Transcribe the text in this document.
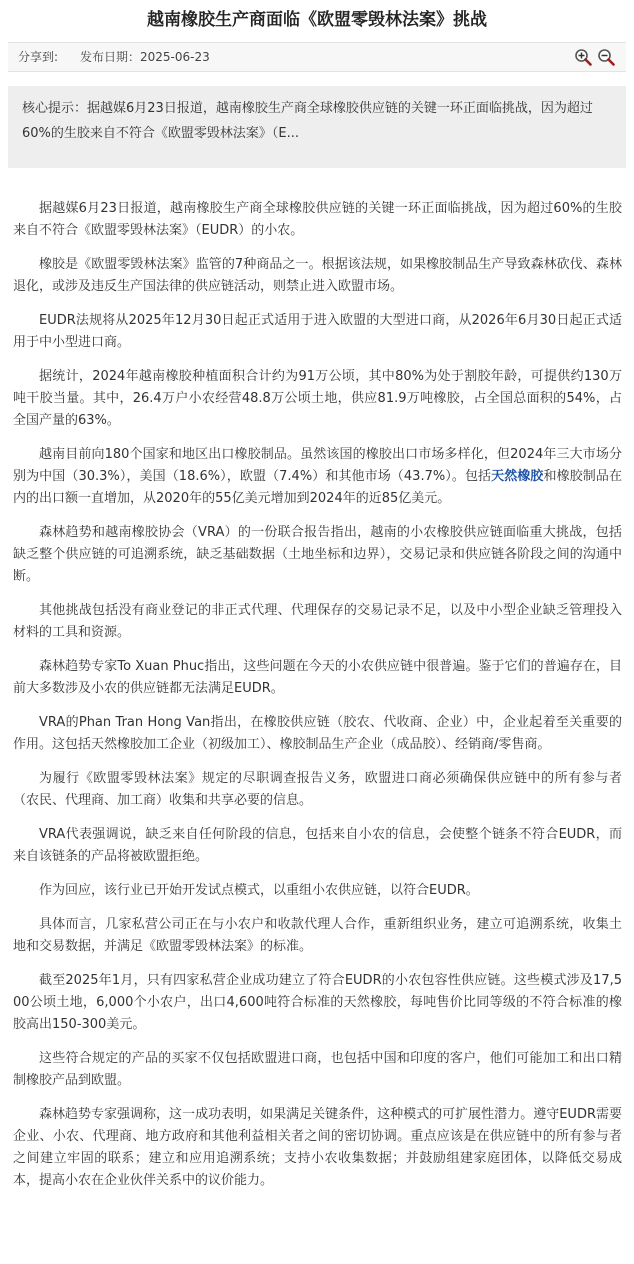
越南橡胶生产商面临《欧盟零毁林法案》挑战
分享到: 发布日期：2025-06-23
核心提示：据越媒6月23日报道，越南橡胶生产商全球橡胶供应链的关键一环正面临挑战，因为超过60%的生胶来自不符合《欧盟零毁林法案》（E...

据越媒6月23日报道，越南橡胶生产商全球橡胶供应链的关键一环正面临挑战，因为超过60%的生胶来自不符合《欧盟零毁林法案》（EUDR）的小农。

橡胶是《欧盟零毁林法案》监管的7种商品之一。根据该法规，如果橡胶制品生产导致森林砍伐、森林退化，或涉及违反生产国法律的供应链活动，则禁止进入欧盟市场。

EUDR法规将从2025年12月30日起正式适用于进入欧盟的大型进口商，从2026年6月30日起正式适用于中小型进口商。

据统计，2024年越南橡胶种植面积合计约为91万公顷，其中80%为处于割胶年龄，可提供约130万吨干胶当量。其中，26.4万户小农经营48.8万公顷土地，供应81.9万吨橡胶，占全国总面积的54%，占全国产量的63%。

越南目前向180个国家和地区出口橡胶制品。虽然该国的橡胶出口市场多样化，但2024年三大市场分别为中国（30.3%），美国（18.6%），欧盟（7.4%）和其他市场（43.7%）。包括天然橡胶和橡胶制品在内的出口额一直增加，从2020年的55亿美元增加到2024年的近85亿美元。

森林趋势和越南橡胶协会（VRA）的一份联合报告指出，越南的小农橡胶供应链面临重大挑战，包括缺乏整个供应链的可追溯系统，缺乏基础数据（土地坐标和边界），交易记录和供应链各阶段之间的沟通中断。

其他挑战包括没有商业登记的非正式代理、代理保存的交易记录不足，以及中小型企业缺乏管理投入材料的工具和资源。

森林趋势专家To Xuan Phuc指出，这些问题在今天的小农供应链中很普遍。鉴于它们的普遍存在，目前大多数涉及小农的供应链都无法满足EUDR。

VRA的Phan Tran Hong Van指出，在橡胶供应链（胶农、代收商、企业）中，企业起着至关重要的作用。这包括天然橡胶加工企业（初级加工）、橡胶制品生产企业（成品胶）、经销商/零售商。

为履行《欧盟零毁林法案》规定的尽职调查报告义务，欧盟进口商必须确保供应链中的所有参与者（农民、代理商、加工商）收集和共享必要的信息。

VRA代表强调说，缺乏来自任何阶段的信息，包括来自小农的信息，会使整个链条不符合EUDR，而来自该链条的产品将被欧盟拒绝。

作为回应，该行业已开始开发试点模式，以重组小农供应链，以符合EUDR。

具体而言，几家私营公司正在与小农户和收款代理人合作，重新组织业务，建立可追溯系统，收集土地和交易数据，并满足《欧盟零毁林法案》的标准。

截至2025年1月，只有四家私营企业成功建立了符合EUDR的小农包容性供应链。这些模式涉及17,500公顷土地，6,000个小农户，出口4,600吨符合标准的天然橡胶，每吨售价比同等级的不符合标准的橡胶高出150-300美元。

这些符合规定的产品的买家不仅包括欧盟进口商，也包括中国和印度的客户，他们可能加工和出口精制橡胶产品到欧盟。

森林趋势专家强调称，这一成功表明，如果满足关键条件，这种模式的可扩展性潜力。遵守EUDR需要企业、小农、代理商、地方政府和其他利益相关者之间的密切协调。重点应该是在供应链中的所有参与者之间建立牢固的联系；建立和应用追溯系统；支持小农收集数据；并鼓励组建家庭团体，以降低交易成本，提高小农在企业伙伴关系中的议价能力。
